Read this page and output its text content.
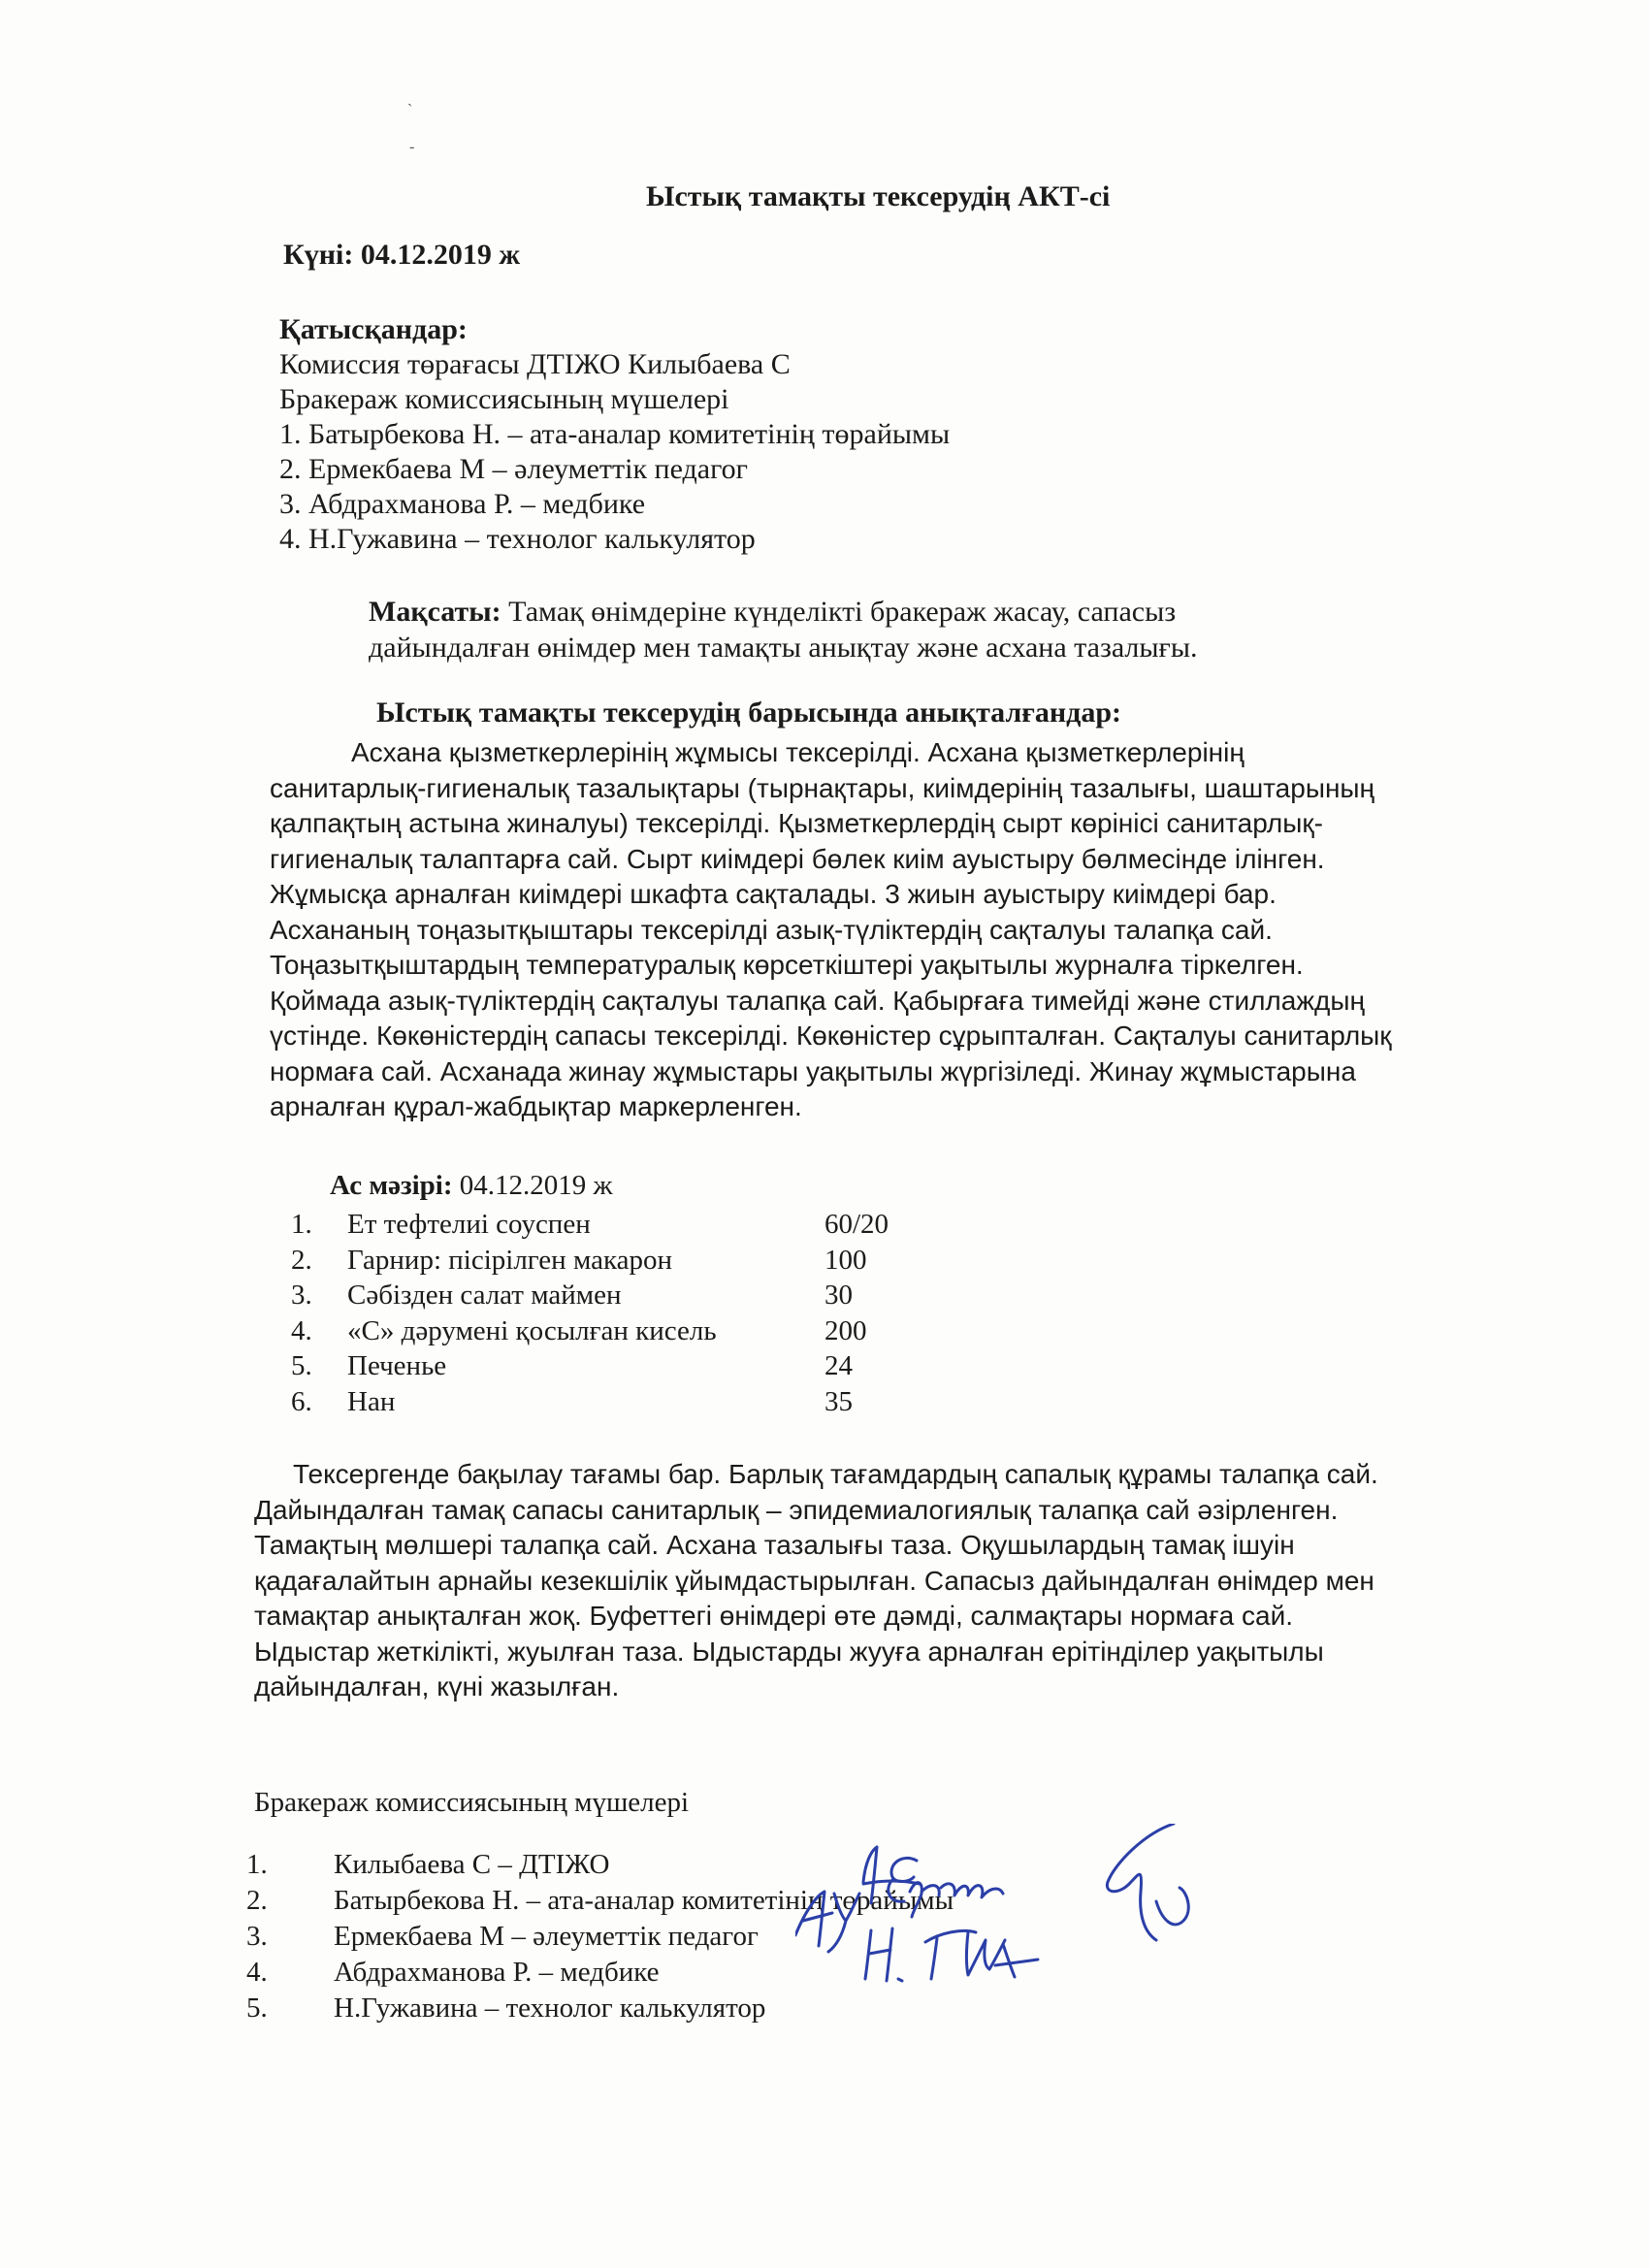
ˋ
-
Ыстық тамақты тексерудің АКТ-сі
Күні: 04.12.2019 ж
Қатысқандар:
Комиссия төрағасы ДТІЖО Килыбаева С
Бракераж комиссиясының мүшелері
1. Батырбекова Н. – ата-аналар комитетінің төрайымы
2. Ермекбаева М – әлеуметтік педагог
3. Абдрахманова Р. – медбике
4. Н.Гужавина – технолог калькулятор
Мақсаты: Тамақ өнімдеріне күнделікті бракераж жасау, сапасыз
дайындалған өнімдер мен тамақты анықтау және асхана тазалығы.
Ыстық тамақты тексерудің барысында анықталғандар:
Асхана қызметкерлерінің жұмысы тексерілді. Асхана қызметкерлерінің
санитарлық-гигиеналық тазалықтары (тырнақтары, киімдерінің тазалығы, шаштарының
қалпақтың астына жиналуы) тексерілді. Қызметкерлердің сырт көрінісі санитарлық-
гигиеналық талаптарға сай. Сырт киімдері бөлек киім ауыстыру бөлмесінде ілінген.
Жұмысқа арналған киімдері шкафта сақталады. 3 жиын ауыстыру киімдері бар.
Асхананың тоңазытқыштары тексерілді азық-түліктердің сақталуы талапқа сай.
Тоңазытқыштардың температуралық көрсеткіштері уақытылы журналға тіркелген.
Қоймада азық-түліктердің сақталуы талапқа сай. Қабырғаға тимейді және стиллаждың
үстінде. Көкөністердің сапасы тексерілді. Көкөністер сұрыпталған. Сақталуы санитарлық
нормаға сай. Асханада жинау жұмыстары уақытылы жүргізіледі. Жинау жұмыстарына
арналған құрал-жабдықтар маркерленген.
Ас мәзірі: 04.12.2019 ж
1. Ет тефтелиі соуспен	60/20
2. Гарнир: пісірілген макарон	100
3. Сәбізден салат маймен	30
4. «С» дәрумені қосылған кисель	200
5. Печенье	24
6. Нан	35
Тексергенде бақылау тағамы бар. Барлық тағамдардың сапалық құрамы талапқа сай.
Дайындалған тамақ сапасы санитарлық – эпидемиалогиялық талапқа сай әзірленген.
Тамақтың мөлшері талапқа сай. Асхана тазалығы таза. Оқушылардың тамақ ішуін
қадағалайтын арнайы кезекшілік ұйымдастырылған. Сапасыз дайындалған өнімдер мен
тамақтар анықталған жоқ. Буфеттегі өнімдері өте дәмді, салмақтары нормаға сай.
Ыдыстар жеткілікті, жуылған таза. Ыдыстарды жууға арналған ерітінділер уақытылы
дайындалған, күні жазылған.
Бракераж комиссиясының мүшелері
1. Килыбаева С – ДТІЖО
2. Батырбекова Н. – ата-аналар комитетінің төрайымы
3. Ермекбаева М – әлеуметтік педагог
4. Абдрахманова Р. – медбике
5. Н.Гужавина – технолог калькулятор
